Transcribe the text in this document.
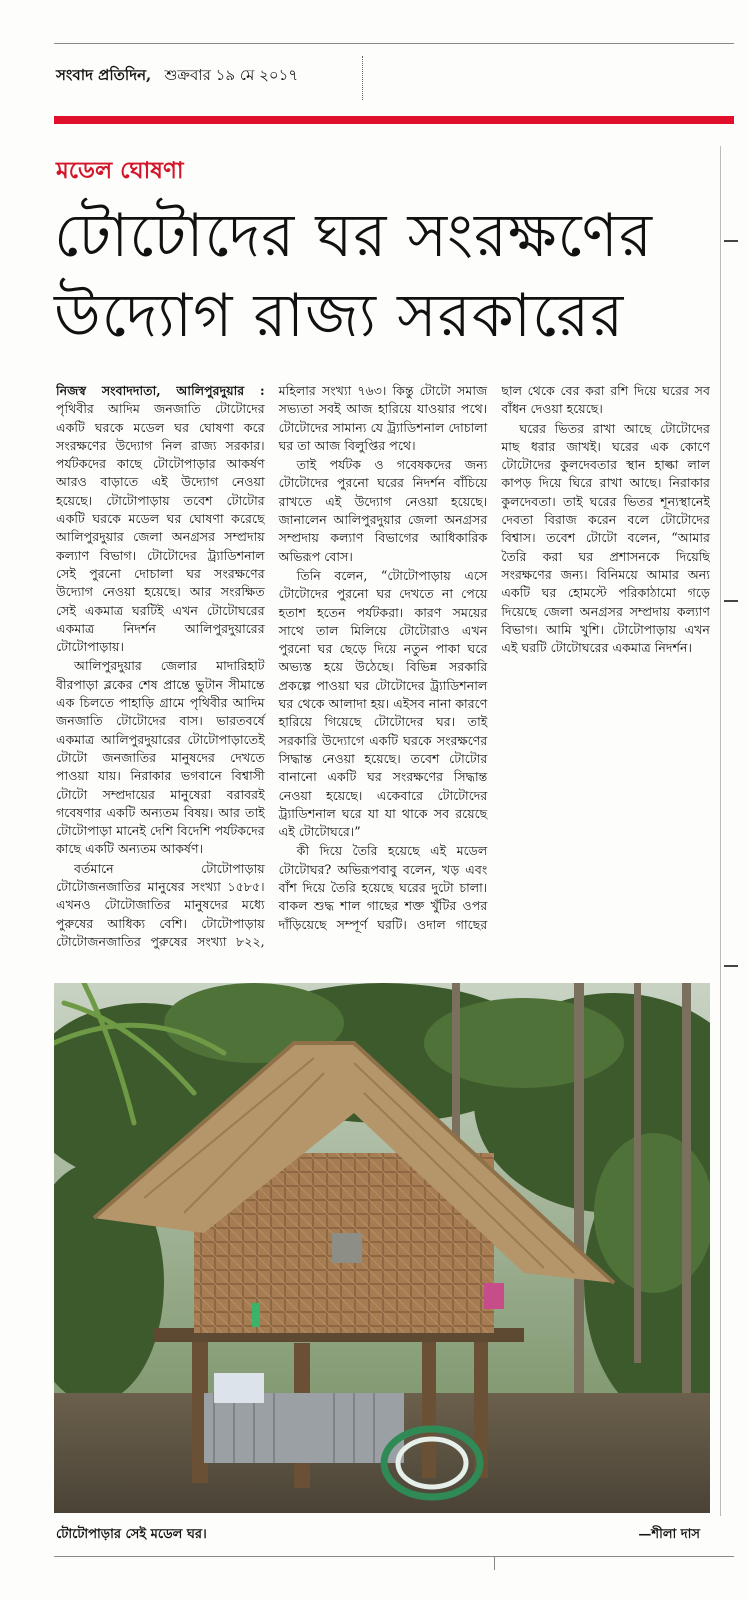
সংবাদ প্রতিদিন, শুক্রবার ১৯ মে ২০১৭
মডেল ঘোষণা
টোটোদের ঘর সংরক্ষণের উদ্যোগ রাজ্য সরকারের

নিজস্ব সংবাদদাতা, আলিপুরদুয়ার : পৃথিবীর আদিম জনজাতি টোটোদের একটি ঘরকে মডেল ঘর ঘোষণা করে সংরক্ষণের উদ্যোগ নিল রাজ্য সরকার। পর্যটকদের কাছে টোটোপাড়ার আকর্ষণ আরও বাড়াতে এই উদ্যোগ নেওয়া হয়েছে। টোটোপাড়ায় তবেশ টোটোর একটি ঘরকে মডেল ঘর ঘোষণা করেছে আলিপুরদুয়ার জেলা অনগ্রসর সম্প্রদায় কল্যাণ বিভাগ। টোটোদের ট্র্যাডিশনাল সেই পুরনো দোচালা ঘর সংরক্ষণের উদ্যোগ নেওয়া হয়েছে। আর সংরক্ষিত সেই একমাত্র ঘরটিই এখন টোটোঘরের একমাত্র নিদর্শন আলিপুরদুয়ারের টোটোপাড়ায়।

আলিপুরদুয়ার জেলার মাদারিহাট বীরপাড়া ব্লকের শেষ প্রান্তে ভুটান সীমান্তে এক চিলতে পাহাড়ি গ্রামে পৃথিবীর আদিম জনজাতি টোটোদের বাস। ভারতবর্ষে একমাত্র আলিপুরদুয়ারের টোটোপাড়াতেই টোটো জনজাতির মানুষদের দেখতে পাওয়া যায়। নিরাকার ভগবানে বিশ্বাসী টোটো সম্প্রদায়ের মানুষেরা বরাবরই গবেষণার একটি অন্যতম বিষয়। আর তাই টোটোপাড়া মানেই দেশি বিদেশি পর্যটকদের কাছে একটি অন্যতম আকর্ষণ।

বর্তমানে টোটোপাড়ায় টোটোজনজাতির মানুষের সংখ্যা ১৫৮৫। এখনও টোটোজাতির মানুষদের মধ্যে পুরুষের আধিক্য বেশি। টোটোপাড়ায় টোটোজনজাতির পুরুষের সংখ্যা ৮২২, মহিলার সংখ্যা ৭৬৩। কিন্তু টোটো সমাজ সভ্যতা সবই আজ হারিয়ে যাওয়ার পথে। টোটোদের সামান্য যে ট্র্যাডিশনাল দোচালা ঘর তা আজ বিলুপ্তির পথে।

তাই পর্যটক ও গবেষকদের জন্য টোটোদের পুরনো ঘরের নিদর্শন বাঁচিয়ে রাখতে এই উদ্যোগ নেওয়া হয়েছে। জানালেন আলিপুরদুয়ার জেলা অনগ্রসর সম্প্রদায় কল্যাণ বিভাগের আধিকারিক অভিরূপ বোস।

তিনি বলেন, “টোটোপাড়ায় এসে টোটোদের পুরনো ঘর দেখতে না পেয়ে হতাশ হতেন পর্যটকরা। কারণ সময়ের সাথে তাল মিলিয়ে টোটোরাও এখন পুরনো ঘর ছেড়ে দিয়ে নতুন পাকা ঘরে অভ্যস্ত হয়ে উঠেছে। বিভিন্ন সরকারি প্রকল্পে পাওয়া ঘর টোটোদের ট্র্যাডিশনাল ঘর থেকে আলাদা হয়। এইসব নানা কারণে হারিয়ে গিয়েছে টোটোদের ঘর। তাই সরকারি উদ্যোগে একটি ঘরকে সংরক্ষণের সিদ্ধান্ত নেওয়া হয়েছে। তবেশ টোটোর বানানো একটি ঘর সংরক্ষণের সিদ্ধান্ত নেওয়া হয়েছে। একেবারে টোটোদের ট্র্যাডিশনাল ঘরে যা যা থাকে সব রয়েছে এই টোটোঘরে।”

কী দিয়ে তৈরি হয়েছে এই মডেল টোটোঘর? অভিরূপবাবু বলেন, খড় এবং বাঁশ দিয়ে তৈরি হয়েছে ঘরের দুটো চালা। বাকল শুদ্ধ শাল গাছের শক্ত খুঁটির ওপর দাঁড়িয়েছে সম্পূর্ণ ঘরটি। ওদাল গাছের ছাল থেকে বের করা রশি দিয়ে ঘরের সব বাঁধন দেওয়া হয়েছে।

ঘরের ভিতর রাখা আছে টোটোদের মাছ ধরার জাখই। ঘরের এক কোণে টোটোদের কুলদেবতার স্থান হাল্কা লাল কাপড় দিয়ে ঘিরে রাখা আছে। নিরাকার কুলদেবতা। তাই ঘরের ভিতর শূন্যস্থানেই দেবতা বিরাজ করেন বলে টোটোদের বিশ্বাস। তবেশ টোটো বলেন, “আমার তৈরি করা ঘর প্রশাসনকে দিয়েছি সংরক্ষণের জন্য। বিনিময়ে আমার অন্য একটি ঘর হোমস্টে পরিকাঠামো গড়ে দিয়েছে জেলা অনগ্রসর সম্প্রদায় কল্যাণ বিভাগ। আমি খুশি। টোটোপাড়ায় এখন এই ঘরটি টোটোঘরের একমাত্র নিদর্শন।

টোটোপাড়ার সেই মডেল ঘর।	—শীলা দাস
